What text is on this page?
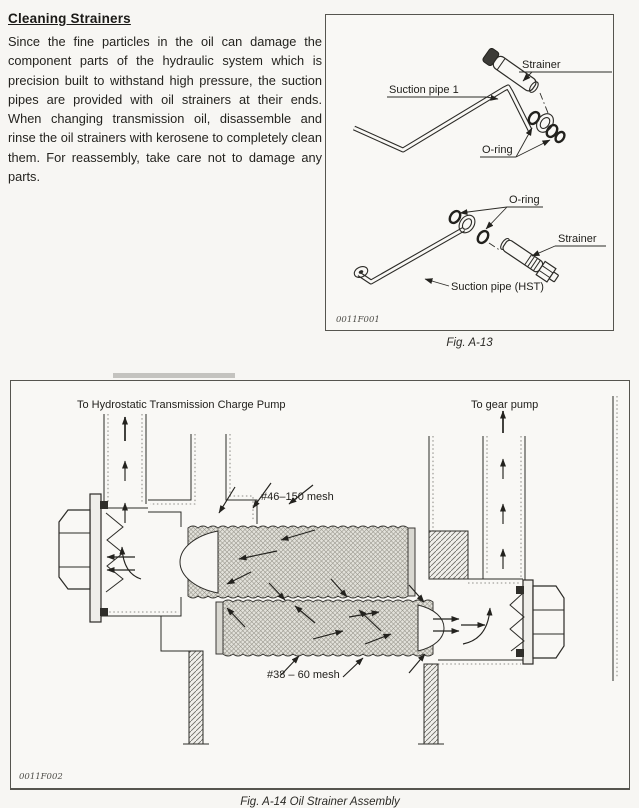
Cleaning Strainers

Since the fine particles in the oil can damage the component parts of the hydraulic system which is precision built to withstand high pressure, the suction pipes are provided with oil strainers at their ends. When changing transmission oil, disassemble and rinse the oil strainers with kerosene to completely clean them. For reassembly, take care not to damage any parts.

Strainer
Suction pipe 1
O-ring
O-ring
Strainer
Suction pipe (HST)
0011F001
Fig. A-13
To Hydrostatic Transmission Charge Pump	To gear pump
#46–150 mesh
#38 – 60 mesh
0011F002
Fig. A-14 Oil Strainer Assembly
